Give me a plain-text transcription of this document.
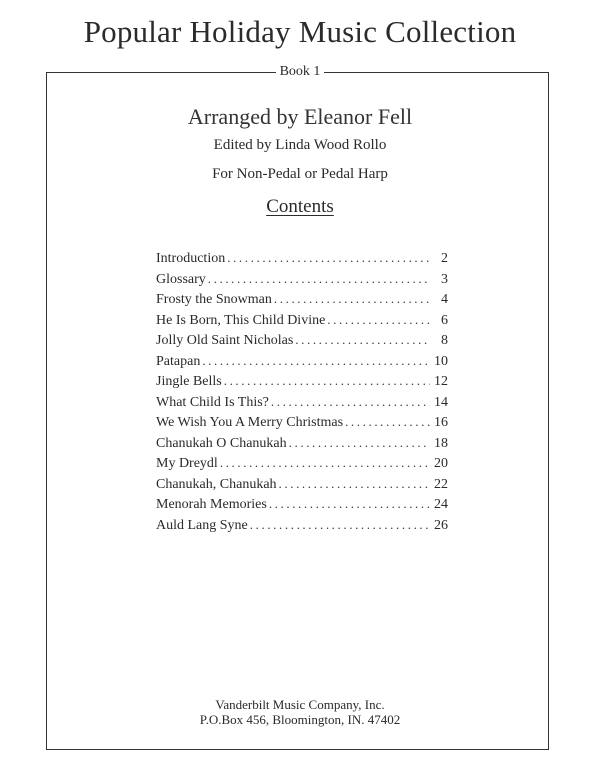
Popular Holiday Music Collection
Book 1
Arranged by Eleanor Fell
Edited by Linda Wood Rollo
For Non-Pedal or Pedal Harp
Contents
Introduction .....	2
Glossary .....	3
Frosty the Snowman .....	4
He Is Born, This Child Divine .....	6
Jolly Old Saint Nicholas .....	8
Patapan .....	10
Jingle Bells .....	12
What Child Is This? .....	14
We Wish You A Merry Christmas .....	16
Chanukah O Chanukah .....	18
My Dreydl .....	20
Chanukah, Chanukah .....	22
Menorah Memories .....	24
Auld Lang Syne .....	26
Vanderbilt Music Company, Inc.
P.O.Box 456, Bloomington, IN. 47402
